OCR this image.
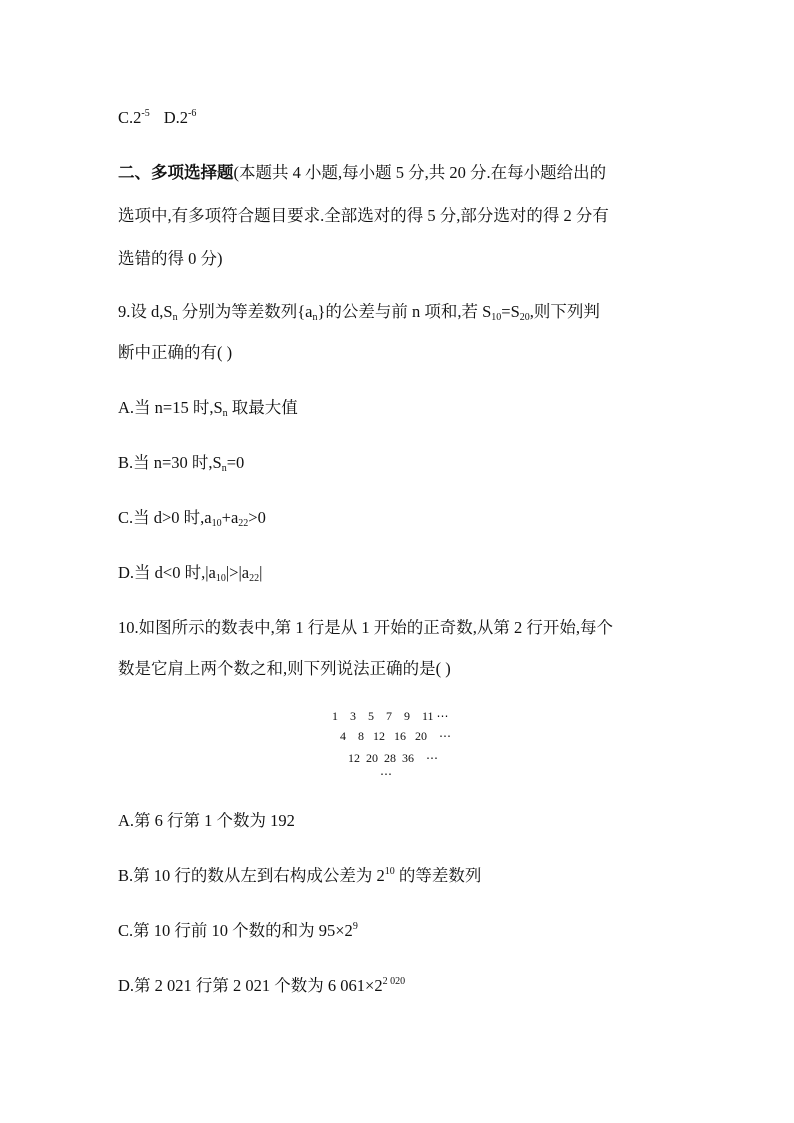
$C.2^{-5}$ $D.2^{-6}$
二、多项选择题(本题共 4 小题,每小题 5 分,共 20 分.在每小题给出的
选项中,有多项符合题目要求.全部选对的得 5 分,部分选对的得 2 分有
选错的得 0 分)
9.设 $d,S_n$ 分别为等差数列$\{a_n\}$的公差与前 n 项和,若 $S_{10}=S_{20}$,则下列判
断中正确的有( )
A.当 n=15 时$,S_n$ 取最大值
B.当 n=30 时$,S_n=0$
C.当 d>0 时$,a_{10}+a_{22}>0$
D.当 d<0 时$,|a_{10}|>|a_{22}|$
10.如图所示的数表中,第 1 行是从 1 开始的正奇数,从第 2 行开始,每个
数是它肩上两个数之和,则下列说法正确的是( )
1    3    5    7    9    11 ⋯
4    8   12   16   20    ⋯
12  20  28  36    ⋯
⋯
A.第 6 行第 1 个数为 192
B.第 10 行的数从左到右构成公差为 $2^{10}$ 的等差数列
C.第 10 行前 10 个数的和为 $95\times 2^9$
D.第 2 021 行第 2 021 个数为 6 $061\times 2^{2 020}$
